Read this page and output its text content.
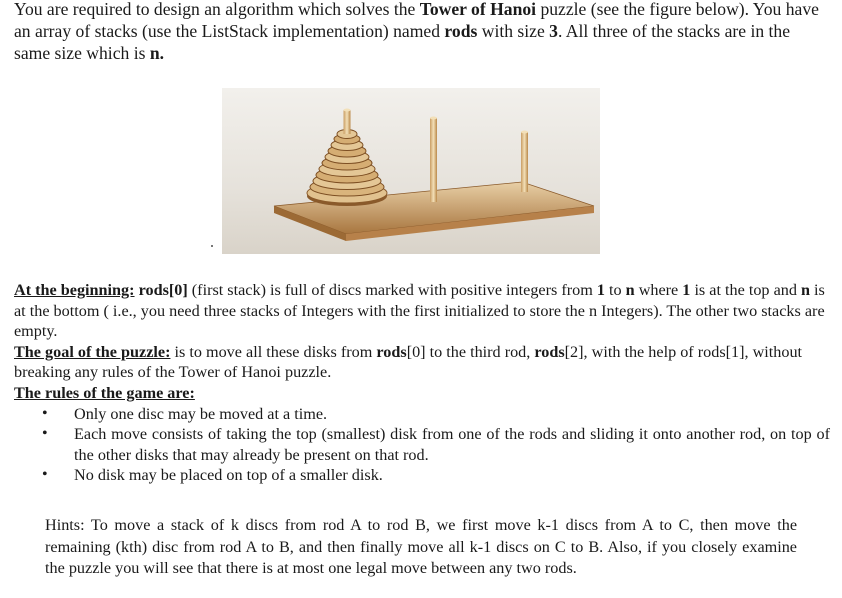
You are required to design an algorithm which solves the Tower of Hanoi puzzle (see the figure below). You have an array of stacks (use the ListStack implementation) named rods with size 3. All three of the stacks are in the same size which is n.

At the beginning: rods[0] (first stack) is full of discs marked with positive integers from 1 to n where 1 is at the top and n is at the bottom ( i.e., you need three stacks of Integers with the first initialized to store the n Integers). The other two stacks are empty.
The goal of the puzzle: is to move all these disks from rods[0] to the third rod, rods[2], with the help of rods[1], without breaking any rules of the Tower of Hanoi puzzle.
The rules of the game are:
• Only one disc may be moved at a time.
• Each move consists of taking the top (smallest) disk from one of the rods and sliding it onto another rod, on top of the other disks that may already be present on that rod.
• No disk may be placed on top of a smaller disk.

Hints: To move a stack of k discs from rod A to rod B, we first move k-1 discs from A to C, then move the remaining (kth) disc from rod A to B, and then finally move all k-1 discs on C to B. Also, if you closely examine the puzzle you will see that there is at most one legal move between any two rods.
